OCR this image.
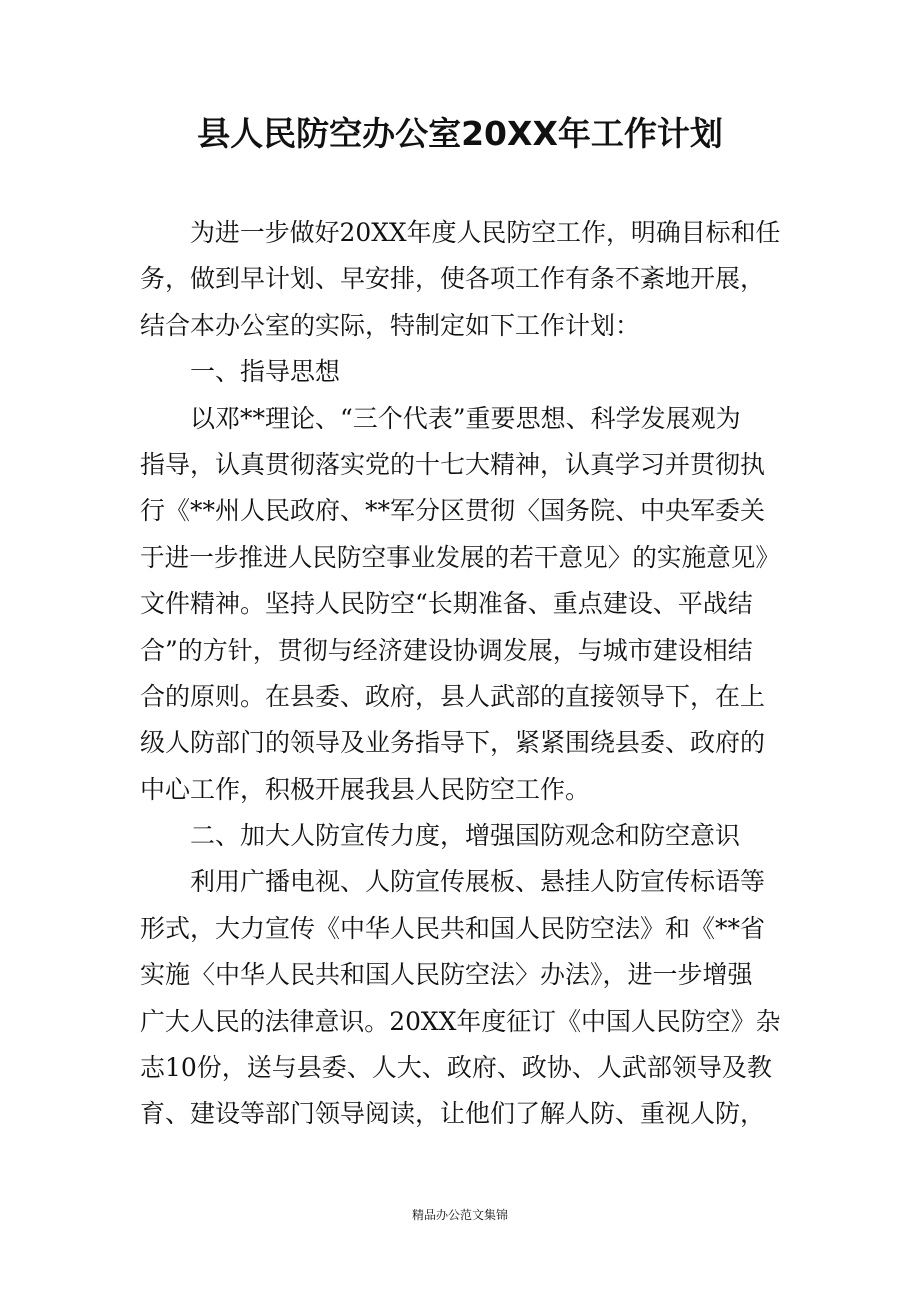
县人民防空办公室20XX年工作计划
为进一步做好20XX年度人民防空工作，明确目标和任
务，做到早计划、早安排，使各项工作有条不紊地开展，
结合本办公室的实际，特制定如下工作计划：
一、指导思想
以邓**理论、“三个代表”重要思想、科学发展观为
指导，认真贯彻落实党的十七大精神，认真学习并贯彻执
行《**州人民政府、**军分区贯彻〈国务院、中央军委关
于进一步推进人民防空事业发展的若干意见〉的实施意见》
文件精神。坚持人民防空“长期准备、重点建设、平战结
合”的方针，贯彻与经济建设协调发展，与城市建设相结
合的原则。在县委、政府，县人武部的直接领导下，在上
级人防部门的领导及业务指导下，紧紧围绕县委、政府的
中心工作，积极开展我县人民防空工作。
二、加大人防宣传力度，增强国防观念和防空意识
利用广播电视、人防宣传展板、悬挂人防宣传标语等
形式，大力宣传《中华人民共和国人民防空法》和《**省
实施〈中华人民共和国人民防空法〉办法》，进一步增强
广大人民的法律意识。20XX年度征订《中国人民防空》杂
志10份，送与县委、人大、政府、政协、人武部领导及教
育、建设等部门领导阅读，让他们了解人防、重视人防，
精品办公范文集锦
